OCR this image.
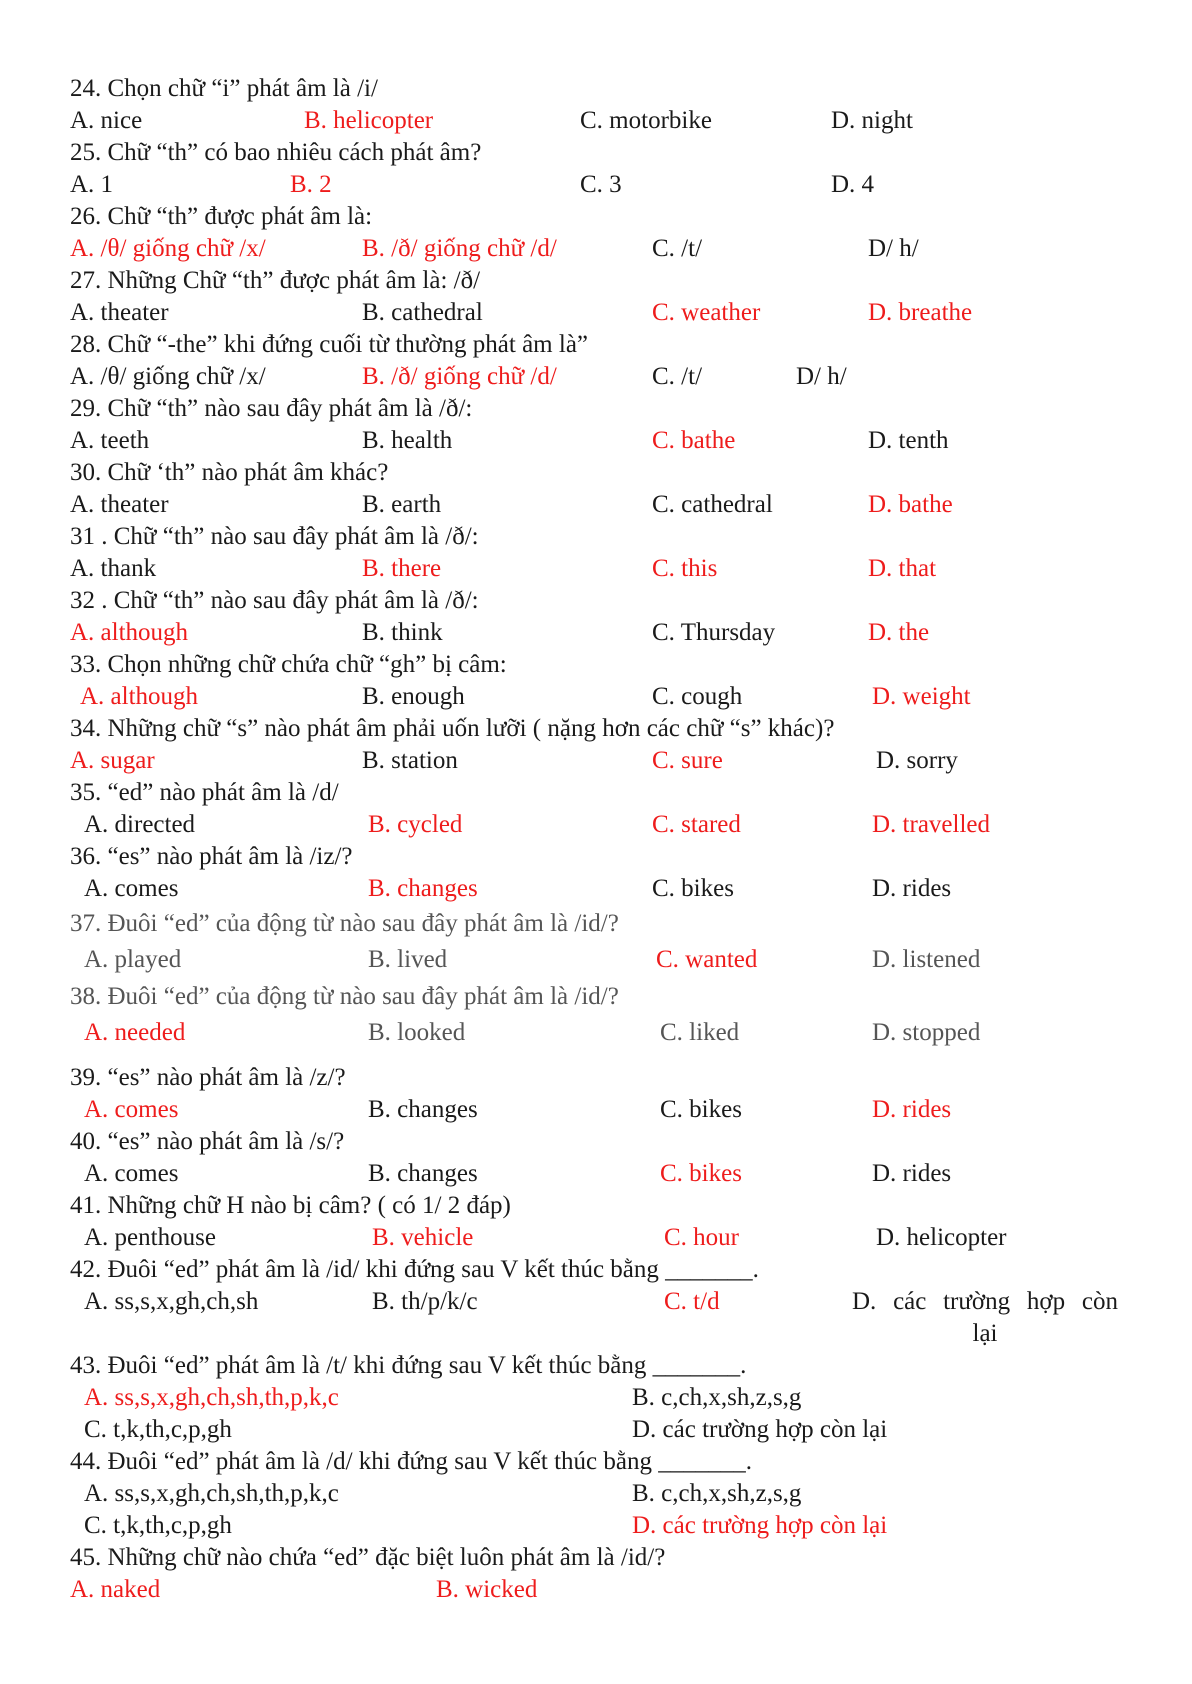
24. Chọn chữ “i” phát âm là /i/
A. nice	B. helicopter	C. motorbike	D. night
25. Chữ “th” có bao nhiêu cách phát âm?
A. 1	B. 2	C. 3	D. 4
26. Chữ “th” được phát âm là:
A. /θ/ giống chữ /x/	B. /ð/ giống chữ /d/	C. /t/	D/ h/
27. Những Chữ “th” được phát âm là: /ð/
A. theater	B. cathedral	C. weather	D. breathe
28. Chữ “-the” khi đứng cuối từ thường phát âm là”
A. /θ/ giống chữ /x/	B. /ð/ giống chữ /d/	C. /t/	D/ h/
29. Chữ “th” nào sau đây phát âm là /ð/:
A. teeth	B. health	C. bathe	D. tenth
30. Chữ ‘th” nào phát âm khác?
A. theater	B. earth	C. cathedral	D. bathe
31 . Chữ “th” nào sau đây phát âm là /ð/:
A. thank	B. there	C. this	D. that
32 . Chữ “th” nào sau đây phát âm là /ð/:
A. although	B. think	C. Thursday	D. the
33. Chọn những chữ chứa chữ “gh” bị câm:
A. although	B. enough	C. cough	D. weight
34. Những chữ “s” nào phát âm phải uốn lưỡi ( nặng hơn các chữ “s” khác)?
A. sugar	B. station	C. sure	D. sorry
35. “ed” nào phát âm là /d/
A. directed	B. cycled	C. stared	D. travelled
36. “es” nào phát âm là /iz/?
A. comes	B. changes	C. bikes	D. rides
37. Đuôi “ed” của động từ nào sau đây phát âm là /id/?
A. played	B. lived	C. wanted	D. listened
38. Đuôi “ed” của động từ nào sau đây phát âm là /id/?
A. needed	B. looked	C. liked	D. stopped
39. “es” nào phát âm là /z/?
A. comes	B. changes	C. bikes	D. rides
40. “es” nào phát âm là /s/?
A. comes	B. changes	C. bikes	D. rides
41. Những chữ H nào bị câm? ( có 1/ 2 đáp)
A. penthouse	B. vehicle	C. hour	D. helicopter
42. Đuôi “ed” phát âm là /id/ khi đứng sau V kết thúc bằng _______.
A. ss,s,x,gh,ch,sh	B. th/p/k/c	C. t/d	D. các trường hợp còn lại
43. Đuôi “ed” phát âm là /t/ khi đứng sau V kết thúc bằng _______.
A. ss,s,x,gh,ch,sh,th,p,k,c	B. c,ch,x,sh,z,s,g
C. t,k,th,c,p,gh	D. các trường hợp còn lại
44. Đuôi “ed” phát âm là /d/ khi đứng sau V kết thúc bằng _______.
A. ss,s,x,gh,ch,sh,th,p,k,c	B. c,ch,x,sh,z,s,g
C. t,k,th,c,p,gh	D. các trường hợp còn lại
45. Những chữ nào chứa “ed” đặc biệt luôn phát âm là /id/?
A. naked	B. wicked
